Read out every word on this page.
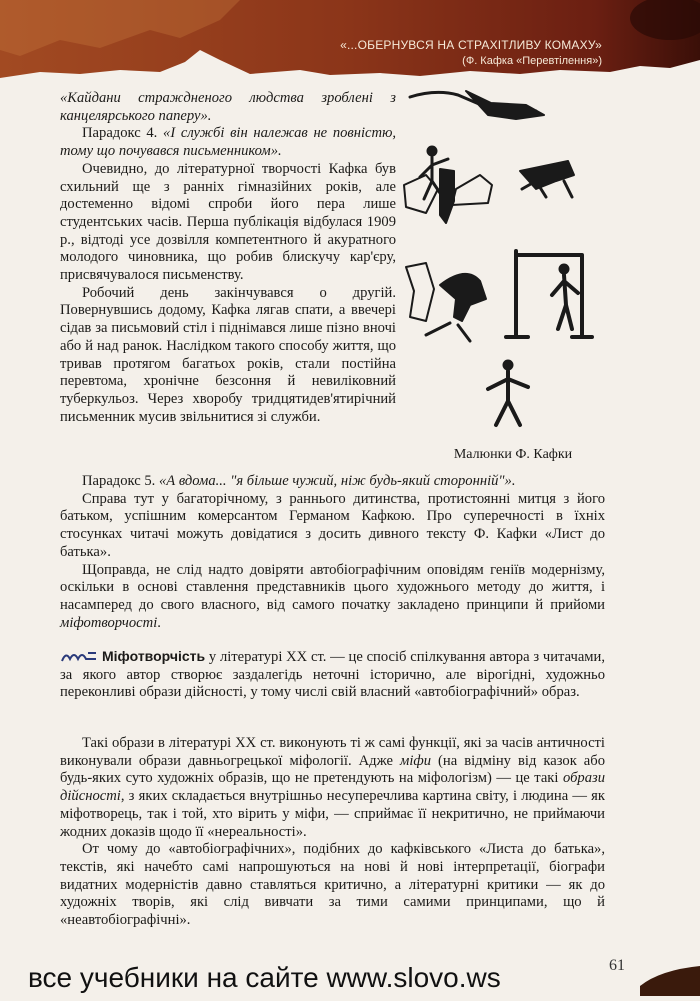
«...ОБЕРНУВСЯ НА СТРАХІТЛИВУ КОМАХУ»
(Ф. Кафка «Перевтілення»)

«Кайдани страждненого людства зроблені з канцелярського паперу».

Парадокс 4. «І службі він належав не повністю, тому що почувався письменником».

Очевидно, до літературної творчості Кафка був схильний ще з ранніх гімназійних років, але достеменно відомі спроби його пера лише студентських часів. Перша публікація відбулася 1909 р., відтоді усе дозвілля компетентного й акуратного молодого чиновника, що робив блискучу кар'єру, присвячувалося письменству.

Робочий день закінчувався о другій. Повернувшись додому, Кафка лягав спати, а ввечері сідав за письмовий стіл і піднімався лише пізно вночі або й над ранок. Наслідком такого способу життя, що тривав протягом багатьох років, стали постійна перевтома, хронічне безсоння й невиліковний туберкульоз. Через хворобу тридцятидев'ятирічний письменник мусив звільнитися зі служби.

Малюнки Ф. Кафки

Парадокс 5. «А вдома... "я більше чужий, ніж будь-який сторонній"».

Справа тут у багаторічному, з раннього дитинства, протистоянні митця з його батьком, успішним комерсантом Германом Кафкою. Про суперечності в їхніх стосунках читачі можуть довідатися з досить дивного тексту Ф. Кафки «Лист до батька».

Щоправда, не слід надто довіряти автобіографічним оповідям геніїв модернізму, оскільки в основі ставлення представників цього художнього методу до життя, і насамперед до свого власного, від самого початку закладено принципи й прийоми міфотворчості.

Міфотворчість у літературі XX ст. — це спосіб спілкування автора з читачами, за якого автор створює заздалегідь неточні історично, але вірогідні, художньо переконливі образи дійсності, у тому числі свій власний «автобіографічний» образ.

Такі образи в літературі XX ст. виконують ті ж самі функції, які за часів античності виконували образи давньогрецької міфології. Адже міфи (на відміну від казок або будь-яких суто художніх образів, що не претендують на міфологізм) — це такі образи дійсності, з яких складається внутрішньо несуперечлива картина світу, і людина — як міфотворець, так і той, хто вірить у міфи, — сприймає її некритично, не приймаючи жодних доказів щодо її «нереальності».

От чому до «автобіографічних», подібних до кафківського «Листа до батька», текстів, які начебто самі напрошуються на нові й нові інтерпретації, біографи видатних модерністів давно ставляться критично, а літературні критики — як до художніх творів, які слід вивчати за тими самими принципами, що й «неавтобіографічні».

все учебники на сайте www.slovo.ws	61
